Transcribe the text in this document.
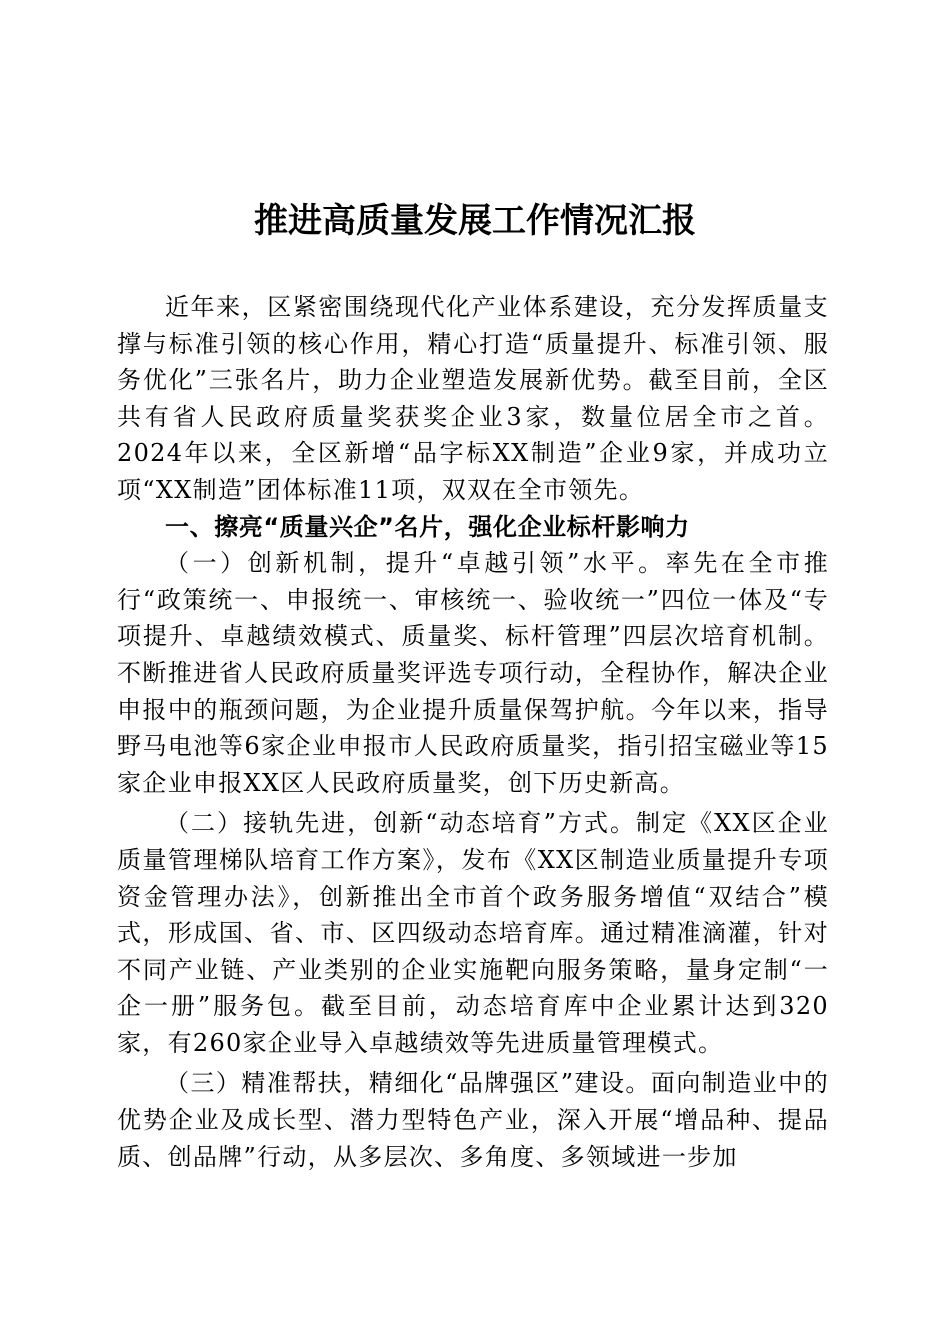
推进高质量发展工作情况汇报

近年来，区紧密围绕现代化产业体系建设，充分发挥质量支撑与标准引领的核心作用，精心打造“质量提升、标准引领、服务优化”三张名片，助力企业塑造发展新优势。截至目前，全区共有省人民政府质量奖获奖企业3家，数量位居全市之首。2024年以来，全区新增“品字标XX制造”企业9家，并成功立项“XX制造”团体标准11项，双双在全市领先。

一、擦亮“质量兴企”名片，强化企业标杆影响力

（一）创新机制，提升“卓越引领”水平。率先在全市推行“政策统一、申报统一、审核统一、验收统一”四位一体及“专项提升、卓越绩效模式、质量奖、标杆管理”四层次培育机制。不断推进省人民政府质量奖评选专项行动，全程协作，解决企业申报中的瓶颈问题，为企业提升质量保驾护航。今年以来，指导野马电池等6家企业申报市人民政府质量奖，指引招宝磁业等15家企业申报XX区人民政府质量奖，创下历史新高。

（二）接轨先进，创新“动态培育”方式。制定《XX区企业质量管理梯队培育工作方案》，发布《XX区制造业质量提升专项资金管理办法》，创新推出全市首个政务服务增值“双结合”模式，形成国、省、市、区四级动态培育库。通过精准滴灌，针对不同产业链、产业类别的企业实施靶向服务策略，量身定制“一企一册”服务包。截至目前，动态培育库中企业累计达到320家，有260家企业导入卓越绩效等先进质量管理模式。

（三）精准帮扶，精细化“品牌强区”建设。面向制造业中的优势企业及成长型、潜力型特色产业，深入开展“增品种、提品质、创品牌”行动，从多层次、多角度、多领域进一步加
